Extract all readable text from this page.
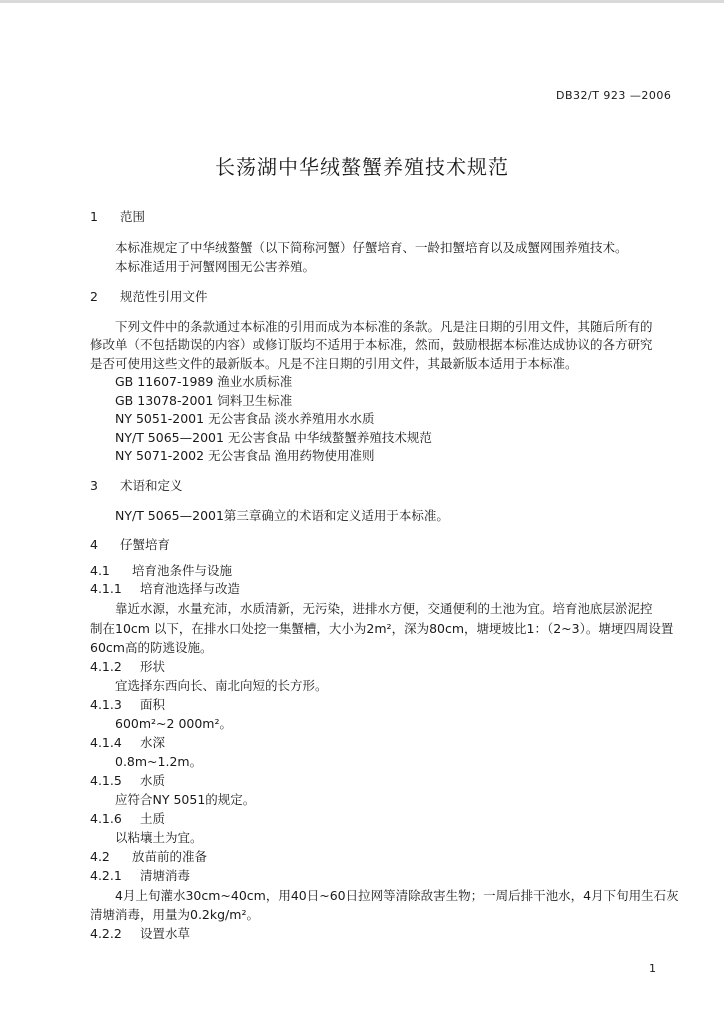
DB32/T 923 —2006
长荡湖中华绒螯蟹养殖技术规范
1 范围
本标准规定了中华绒螯蟹（以下简称河蟹）仔蟹培育、一龄扣蟹培育以及成蟹网围养殖技术。
本标准适用于河蟹网围无公害养殖。
2 规范性引用文件
下列文件中的条款通过本标准的引用而成为本标准的条款。凡是注日期的引用文件，其随后所有的
修改单（不包括勘误的内容）或修订版均不适用于本标准，然而，鼓励根据本标准达成协议的各方研究
是否可使用这些文件的最新版本。凡是不注日期的引用文件，其最新版本适用于本标准。
GB 11607-1989 渔业水质标准
GB 13078-2001 饲料卫生标准
NY 5051-2001 无公害食品 淡水养殖用水水质
NY/T 5065—2001 无公害食品 中华绒螯蟹养殖技术规范
NY 5071-2002 无公害食品 渔用药物使用准则
3 术语和定义
NY/T 5065—2001第三章确立的术语和定义适用于本标准。
4 仔蟹培育
4.1 培育池条件与设施
4.1.1 培育池选择与改造
靠近水源，水量充沛，水质清新，无污染，进排水方便，交通便利的土池为宜。培育池底层淤泥控
制在10cm 以下，在排水口处挖一集蟹槽，大小为2m²，深为80cm，塘埂坡比1：（2~3）。塘埂四周设置
60cm高的防逃设施。
4.1.2 形状
宜选择东西向长、南北向短的长方形。
4.1.3 面积
600m²~2 000m²。
4.1.4 水深
0.8m~1.2m。
4.1.5 水质
应符合NY 5051的规定。
4.1.6 土质
以粘壤土为宜。
4.2 放苗前的准备
4.2.1 清塘消毒
4月上旬灌水30cm~40cm，用40日~60日拉网等清除敌害生物；一周后排干池水，4月下旬用生石灰
清塘消毒，用量为0.2kg/m²。
4.2.2 设置水草
1
